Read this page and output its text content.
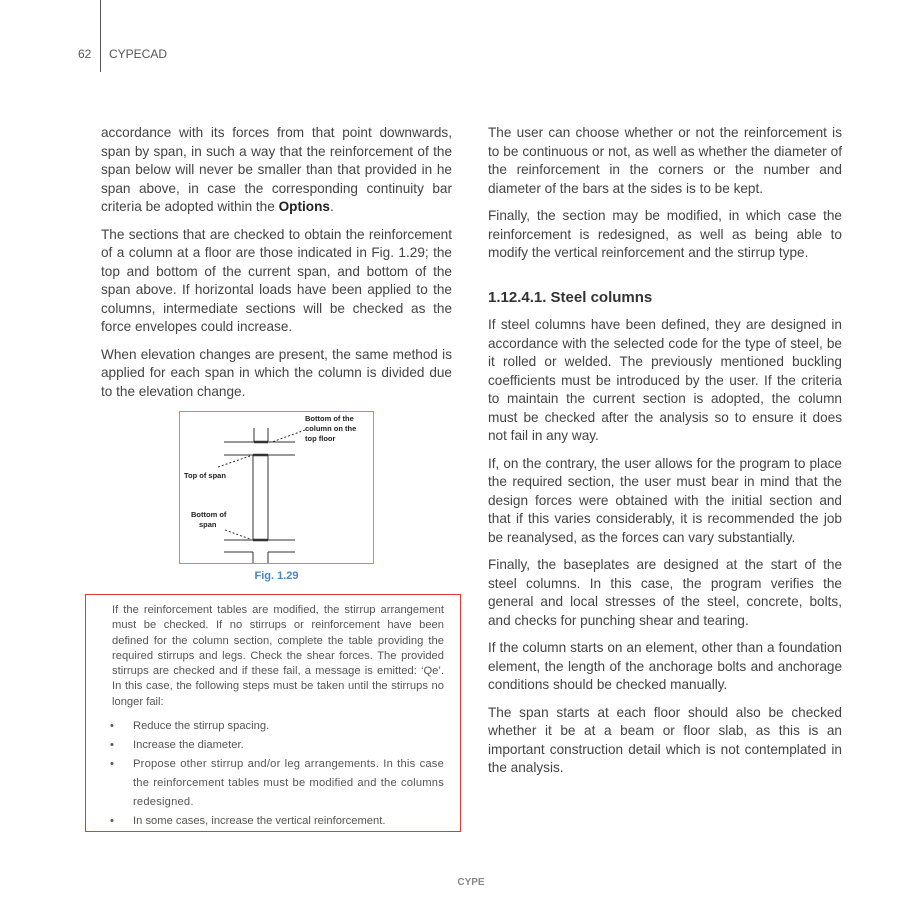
62 CYPECAD

accordance with its forces from that point downwards, span by span, in such a way that the reinforcement of the span below will never be smaller than that provided in he span above, in case the corresponding continuity bar criteria be adopted within the Options.

The sections that are checked to obtain the reinforcement of a column at a floor are those indicated in Fig. 1.29; the top and bottom of the current span, and bottom of the span above. If horizontal loads have been applied to the columns, intermediate sections will be checked as the force envelopes could increase.

When elevation changes are present, the same method is applied for each span in which the column is divided due to the elevation change.

Bottom of the
column on the
top floor
Top of span
Bottom of
span
Fig. 1.29

If the reinforcement tables are modified, the stirrup arrangement must be checked. If no stirrups or reinforcement have been defined for the column section, complete the table providing the required stirrups and legs. Check the shear forces. The provided stirrups are checked and if these fail, a message is emitted: ‘Qe’. In this case, the following steps must be taken until the stirrups no longer fail:

• Reduce the stirrup spacing.
• Increase the diameter.
• Propose other stirrup and/or leg arrangements. In this case the reinforcement tables must be modified and the columns redesigned.
• In some cases, increase the vertical reinforcement.

The user can choose whether or not the reinforcement is to be continuous or not, as well as whether the diameter of the reinforcement in the corners or the number and diameter of the bars at the sides is to be kept.

Finally, the section may be modified, in which case the reinforcement is redesigned, as well as being able to modify the vertical reinforcement and the stirrup type.

1.12.4.1. Steel columns

If steel columns have been defined, they are designed in accordance with the selected code for the type of steel, be it rolled or welded. The previously mentioned buckling coefficients must be introduced by the user. If the criteria to maintain the current section is adopted, the column must be checked after the analysis so to ensure it does not fail in any way.

If, on the contrary, the user allows for the program to place the required section, the user must bear in mind that the design forces were obtained with the initial section and that if this varies considerably, it is recommended the job be reanalysed, as the forces can vary substantially.

Finally, the baseplates are designed at the start of the steel columns. In this case, the program verifies the general and local stresses of the steel, concrete, bolts, and checks for punching shear and tearing.

If the column starts on an element, other than a foundation element, the length of the anchorage bolts and anchorage conditions should be checked manually.

The span starts at each floor should also be checked whether it be at a beam or floor slab, as this is an important construction detail which is not contemplated in the analysis.

CYPE
